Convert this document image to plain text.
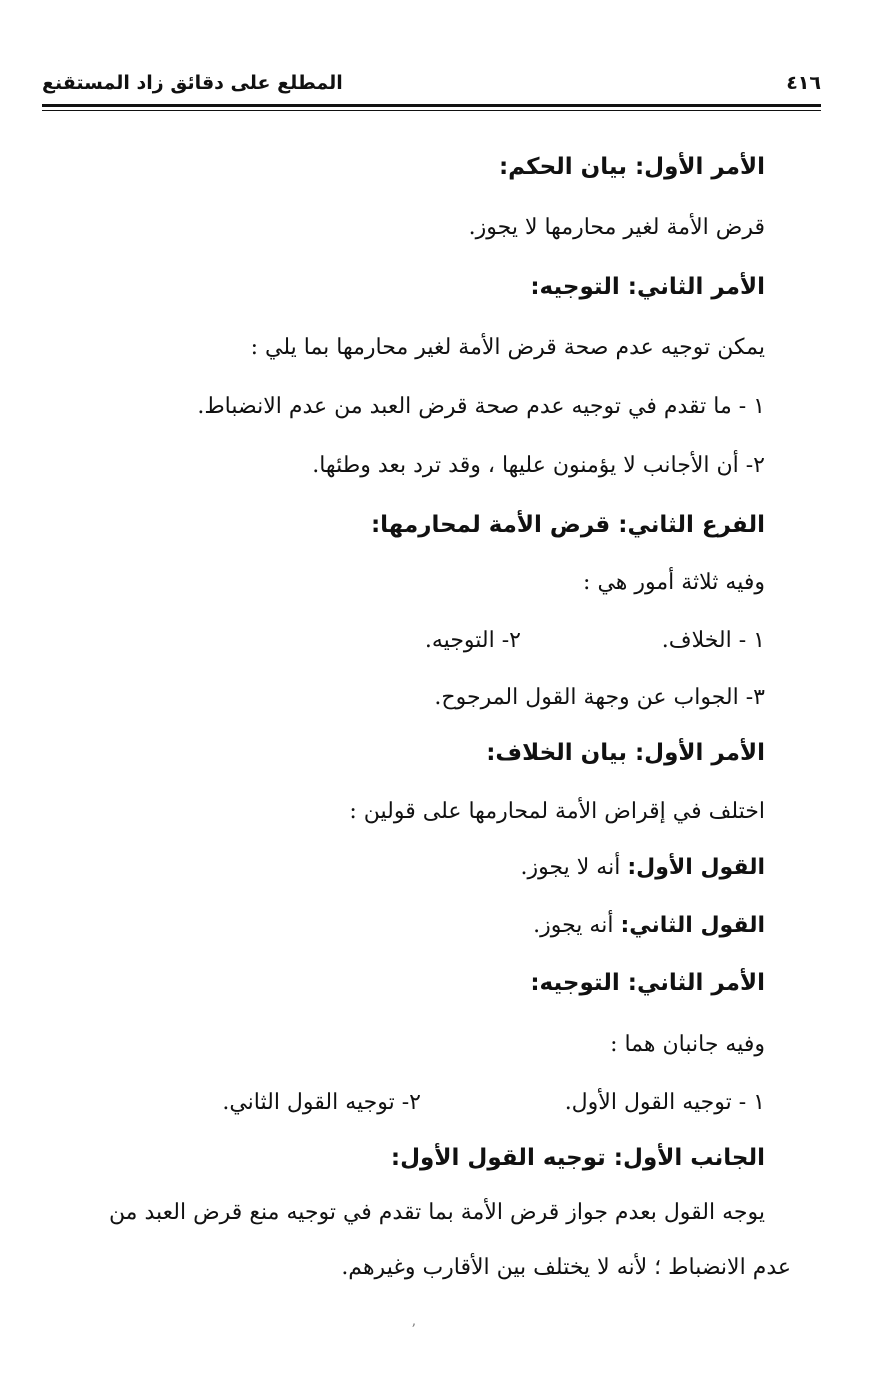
٤١٦
المطلع على دقائق زاد المستقنع
الأمر الأول: بيان الحكم:
قرض الأمة لغير محارمها لا يجوز.
الأمر الثاني: التوجيه:
يمكن توجيه عدم صحة قرض الأمة لغير محارمها بما يلي :
١ - ما تقدم في توجيه عدم صحة قرض العبد من عدم الانضباط.
٢- أن الأجانب لا يؤمنون عليها ، وقد ترد بعد وطئها.
الفرع الثاني: قرض الأمة لمحارمها:
وفيه ثلاثة أمور هي :
١ - الخلاف.
٢- التوجيه.
٣- الجواب عن وجهة القول المرجوح.
الأمر الأول: بيان الخلاف:
اختلف في إقراض الأمة لمحارمها على قولين :
القول الأول: أنه لا يجوز.
القول الثاني: أنه يجوز.
الأمر الثاني: التوجيه:
وفيه جانبان هما :
١ - توجيه القول الأول.
٢- توجيه القول الثاني.
الجانب الأول: توجيه القول الأول:
يوجه القول بعدم جواز قرض الأمة بما تقدم في توجيه منع قرض العبد من
عدم الانضباط ؛ لأنه لا يختلف بين الأقارب وغيرهم.
ʼ
